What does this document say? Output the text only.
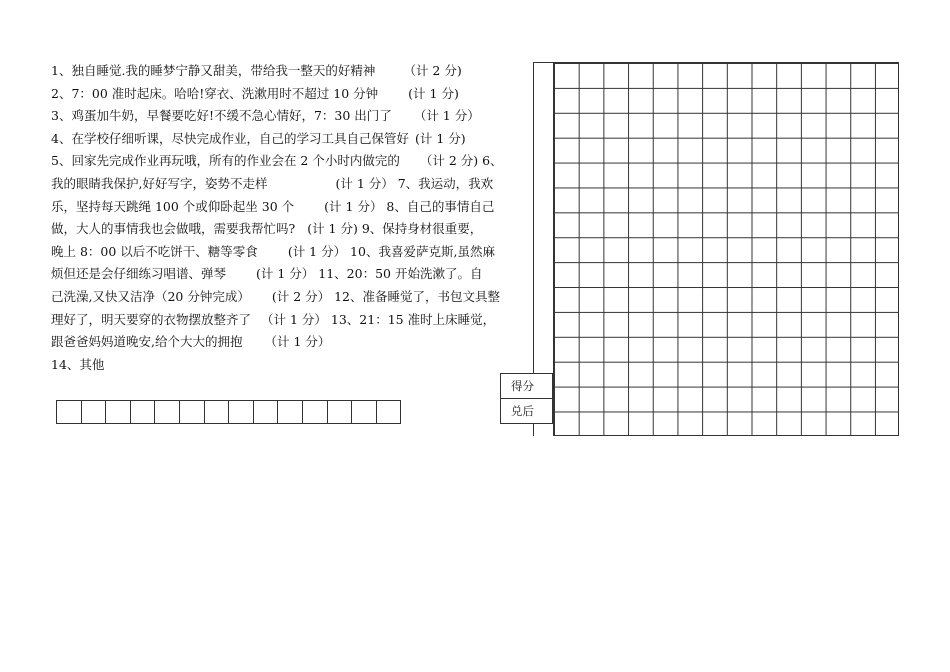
1、独自睡觉.我的睡梦宁静又甜美，带给我一整天的好精神 （计 2 分)
2、7：00 准时起床。哈哈!穿衣、洗漱用时不超过 10 分钟 (计 1 分)
3、鸡蛋加牛奶，早餐要吃好!不缓不急心情好，7：30 出门了 （计 1 分）
4、在学校仔细听课，尽快完成作业，自己的学习工具自己保管好 (计 1 分)
5、回家先完成作业再玩哦，所有的作业会在 2 个小时内做完的 （计 2 分) 6、
我的眼睛我保护,好好写字，姿势不走样	(计 1 分） 7、我运动，我欢
乐，坚持每天跳绳 100 个或仰卧起坐 30 个 (计 1 分） 8、自己的事情自己
做，大人的事情我也会做哦，需要我帮忙吗? (计 1 分) 9、保持身材很重要，
晚上 8：00 以后不吃饼干、糖等零食 (计 1 分） 10、我喜爱萨克斯,虽然麻
烦但还是会仔细练习唱谱、弹琴 (计 1 分） 11、20：50 开始洗漱了。自
己洗澡,又快又洁净（20 分钟完成） (计 2 分） 12、准备睡觉了，书包文具整
理好了，明天要穿的衣物摆放整齐了 （计 1 分） 13、21：15 准时上床睡觉，
跟爸爸妈妈道晚安,给个大大的拥抱 （计 1 分）
14、其他
得分
兑后
